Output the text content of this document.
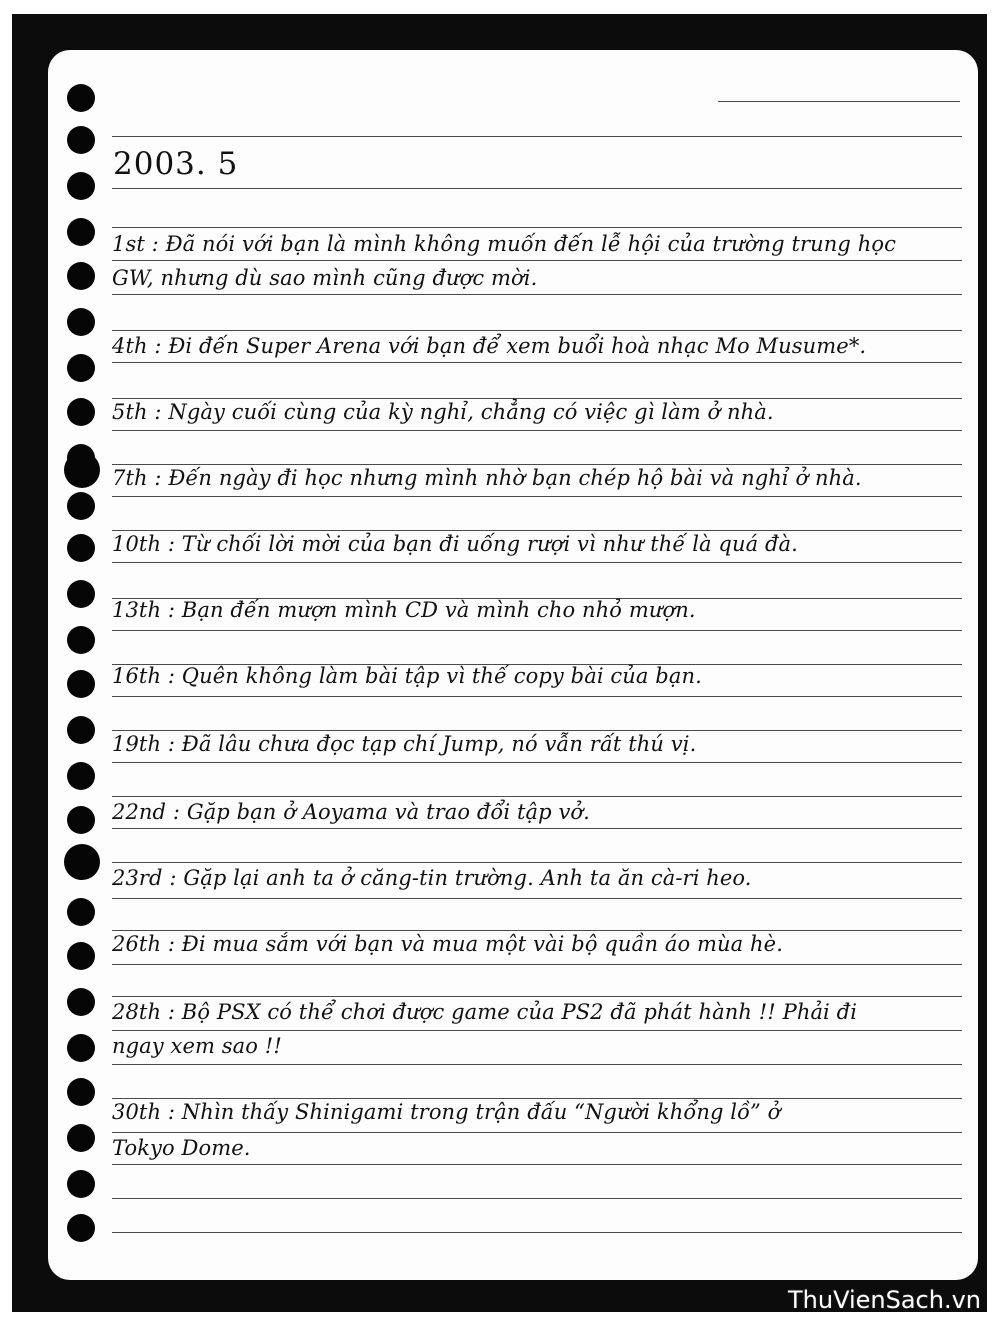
2003. 5
1st : Đã nói với bạn là mình không muốn đến lễ hội của trường trung học
GW, nhưng dù sao mình cũng được mời.
4th : Đi đến Super Arena với bạn để xem buổi hoà nhạc Mo Musume*.
5th : Ngày cuối cùng của kỳ nghỉ, chẳng có việc gì làm ở nhà.
7th : Đến ngày đi học nhưng mình nhờ bạn chép hộ bài và nghỉ ở nhà.
10th : Từ chối lời mời của bạn đi uống rượi vì như thế là quá đà.
13th : Bạn đến mượn mình CD và mình cho nhỏ mượn.
16th : Quên không làm bài tập vì thế copy bài của bạn.
19th : Đã lâu chưa đọc tạp chí Jump, nó vẫn rất thú vị.
22nd : Gặp bạn ở Aoyama và trao đổi tập vở.
23rd : Gặp lại anh ta ở căng-tin trường. Anh ta ăn cà-ri heo.
26th : Đi mua sắm với bạn và mua một vài bộ quần áo mùa hè.
28th : Bộ PSX có thể chơi được game của PS2 đã phát hành !! Phải đi
ngay xem sao !!
30th : Nhìn thấy Shinigami trong trận đấu “Người khổng lồ” ở
Tokyo Dome.
ThuVienSach.vn
